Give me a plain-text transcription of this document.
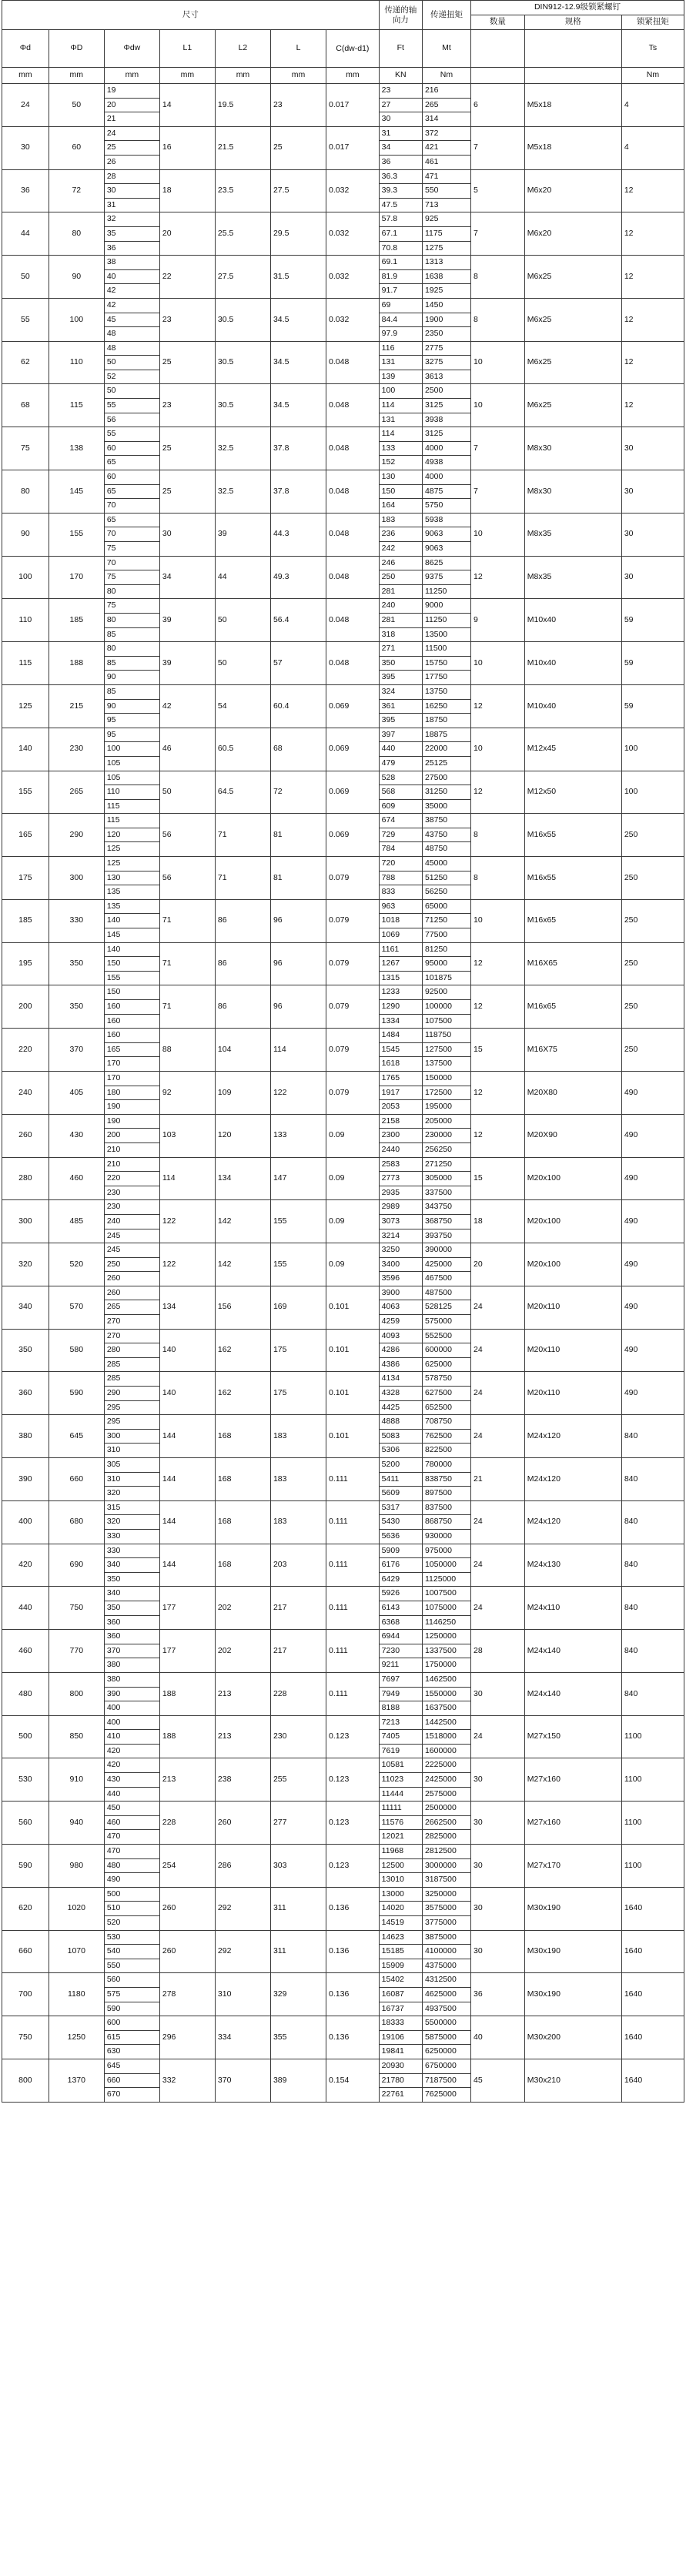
尺寸							传递的轴向力	传递扭矩	DIN912-12.9级锁紧螺钉		
									数量	规格	锁紧扭矩
Φd	ΦD	Φdw	L1	L2	L	C(dw-d1)	Ft	Mt			Ts
mm	mm	mm	mm	mm	mm	mm	KN	Nm			Nm
24	50	19	14	19.5	23	0.017	23	216	6	M5x18	4
		20					27	265			
		21					30	314			
30	60	24	16	21.5	25	0.017	31	372	7	M5x18	4
		25					34	421			
		26					36	461			
36	72	28	18	23.5	27.5	0.032	36.3	471	5	M6x20	12
		30					39.3	550			
		31					47.5	713			
44	80	32	20	25.5	29.5	0.032	57.8	925	7	M6x20	12
		35					67.1	1175			
		36					70.8	1275			
50	90	38	22	27.5	31.5	0.032	69.1	1313	8	M6x25	12
		40					81.9	1638			
		42					91.7	1925			
55	100	42	23	30.5	34.5	0.032	69	1450	8	M6x25	12
		45					84.4	1900			
		48					97.9	2350			
62	110	48	25	30.5	34.5	0.048	116	2775	10	M6x25	12
		50					131	3275			
		52					139	3613			
68	115	50	23	30.5	34.5	0.048	100	2500	10	M6x25	12
		55					114	3125			
		56					131	3938			
75	138	55	25	32.5	37.8	0.048	114	3125	7	M8x30	30
		60					133	4000			
		65					152	4938			
80	145	60	25	32.5	37.8	0.048	130	4000	7	M8x30	30
		65					150	4875			
		70					164	5750			
90	155	65	30	39	44.3	0.048	183	5938	10	M8x35	30
		70					236	9063			
		75					242	9063			
100	170	70	34	44	49.3	0.048	246	8625	12	M8x35	30
		75					250	9375			
		80					281	11250			
110	185	75	39	50	56.4	0.048	240	9000	9	M10x40	59
		80					281	11250			
		85					318	13500			
115	188	80	39	50	57	0.048	271	11500	10	M10x40	59
		85					350	15750			
		90					395	17750			
125	215	85	42	54	60.4	0.069	324	13750	12	M10x40	59
		90					361	16250			
		95					395	18750			
140	230	95	46	60.5	68	0.069	397	18875	10	M12x45	100
		100					440	22000			
		105					479	25125			
155	265	105	50	64.5	72	0.069	528	27500	12	M12x50	100
		110					568	31250			
		115					609	35000			
165	290	115	56	71	81	0.069	674	38750	8	M16x55	250
		120					729	43750			
		125					784	48750			
175	300	125	56	71	81	0.079	720	45000	8	M16x55	250
		130					788	51250			
		135					833	56250			
185	330	135	71	86	96	0.079	963	65000	10	M16x65	250
		140					1018	71250			
		145					1069	77500			
195	350	140	71	86	96	0.079	1161	81250	12	M16X65	250
		150					1267	95000			
		155					1315	101875			
200	350	150	71	86	96	0.079	1233	92500	12	M16x65	250
		160					1290	100000			
		160					1334	107500			
220	370	160	88	104	114	0.079	1484	118750	15	M16X75	250
		165					1545	127500			
		170					1618	137500			
240	405	170	92	109	122	0.079	1765	150000	12	M20X80	490
		180					1917	172500			
		190					2053	195000			
260	430	190	103	120	133	0.09	2158	205000	12	M20X90	490
		200					2300	230000			
		210					2440	256250			
280	460	210	114	134	147	0.09	2583	271250	15	M20x100	490
		220					2773	305000			
		230					2935	337500			
300	485	230	122	142	155	0.09	2989	343750	18	M20x100	490
		240					3073	368750			
		245					3214	393750			
320	520	245	122	142	155	0.09	3250	390000	20	M20x100	490
		250					3400	425000			
		260					3596	467500			
340	570	260	134	156	169	0.101	3900	487500	24	M20x110	490
		265					4063	528125			
		270					4259	575000			
350	580	270	140	162	175	0.101	4093	552500	24	M20x110	490
		280					4286	600000			
		285					4386	625000			
360	590	285	140	162	175	0.101	4134	578750	24	M20x110	490
		290					4328	627500			
		295					4425	652500			
380	645	295	144	168	183	0.101	4888	708750	24	M24x120	840
		300					5083	762500			
		310					5306	822500			
390	660	305	144	168	183	0.111	5200	780000	21	M24x120	840
		310					5411	838750			
		320					5609	897500			
400	680	315	144	168	183	0.111	5317	837500	24	M24x120	840
		320					5430	868750			
		330					5636	930000			
420	690	330	144	168	203	0.111	5909	975000	24	M24x130	840
		340					6176	1050000			
		350					6429	1125000			
440	750	340	177	202	217	0.111	5926	1007500	24	M24x110	840
		350					6143	1075000			
		360					6368	1146250			
460	770	360	177	202	217	0.111	6944	1250000	28	M24x140	840
		370					7230	1337500			
		380					9211	1750000			
480	800	380	188	213	228	0.111	7697	1462500	30	M24x140	840
		390					7949	1550000			
		400					8188	1637500			
500	850	400	188	213	230	0.123	7213	1442500	24	M27x150	1100
		410					7405	1518000			
		420					7619	1600000			
530	910	420	213	238	255	0.123	10581	2225000	30	M27x160	1100
		430					11023	2425000			
		440					11444	2575000			
560	940	450	228	260	277	0.123	11111	2500000	30	M27x160	1100
		460					11576	2662500			
		470					12021	2825000			
590	980	470	254	286	303	0.123	11968	2812500	30	M27x170	1100
		480					12500	3000000			
		490					13010	3187500			
620	1020	500	260	292	311	0.136	13000	3250000	30	M30x190	1640
		510					14020	3575000			
		520					14519	3775000			
660	1070	530	260	292	311	0.136	14623	3875000	30	M30x190	1640
		540					15185	4100000			
		550					15909	4375000			
700	1180	560	278	310	329	0.136	15402	4312500	36	M30x190	1640
		575					16087	4625000			
		590					16737	4937500			
750	1250	600	296	334	355	0.136	18333	5500000	40	M30x200	1640
		615					19106	5875000			
		630					19841	6250000			
800	1370	645	332	370	389	0.154	20930	6750000	45	M30x210	1640
		660					21780	7187500			
		670					22761	7625000			
